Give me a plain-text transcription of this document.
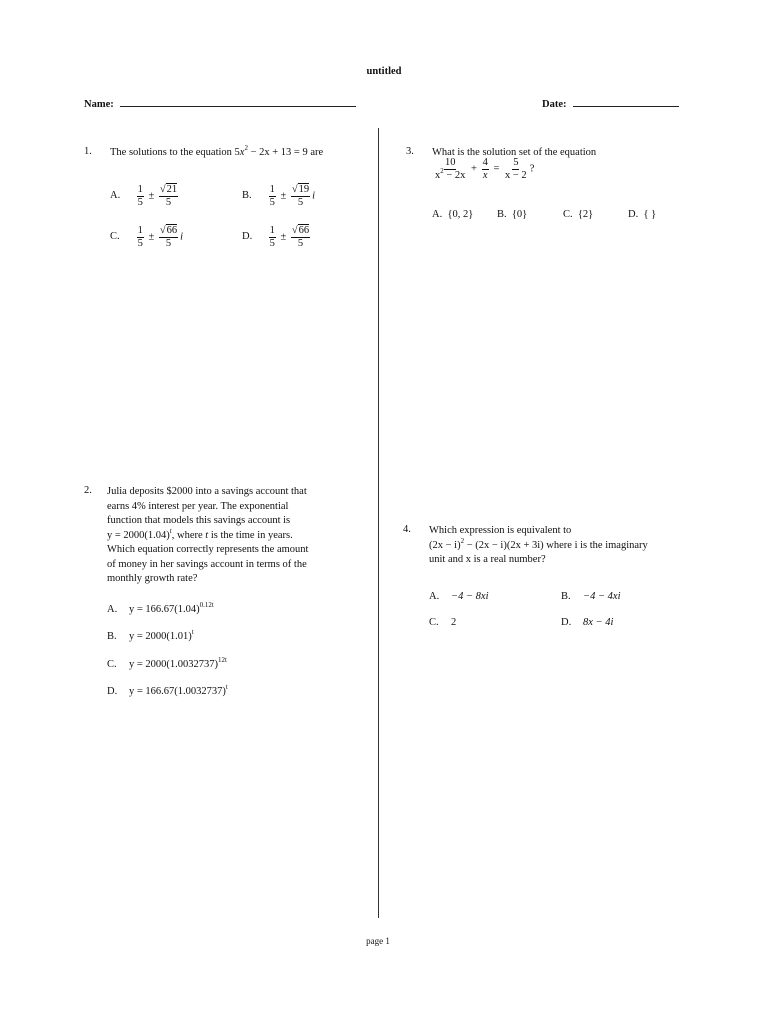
untitled
Name:	Date:
1. The solutions to the equation $5x^2 - 2x + 13 = 9$ are
A. $\frac{1}{5} \pm \frac{√21}{5}$	B. $\frac{1}{5} \pm \frac{√19}{5}$ i
C. $\frac{1}{5} \pm \frac{√66}{5}$ i	D. $\frac{1}{5} \pm \frac{√66}{5}$
2. Julia deposits $2000 into a savings account that
earns 4% interest per year. The exponential
function that models this savings account is
$y = 2000(1.04)^t$, where t is the time in years.
Which equation correctly represents the amount
of money in her savings account in terms of the
monthly growth rate?
A. $y = 166.67(1.04)^{0.12t}$
B. $y = 2000(1.01)^t$
C. $y = 2000(1.0032737)^{12t}$
D. $y = 166.67(1.0032737)^t$
3. What is the solution set of the equation
$\frac{10}{x^2 - 2x} + \frac{4}{x} = \frac{5}{x - 2}$ ?
A. {0, 2} B. {0}	C. {2}	D. { }
4. Which expression is equivalent to
$(2x - i)^2 - (2x - i)(2x + 3i)$ where i is the imaginary
unit and x is a real number?
A. −4 − 8xi	B. −4 − 4xi
C. 2	D. 8x − 4i
page 1
